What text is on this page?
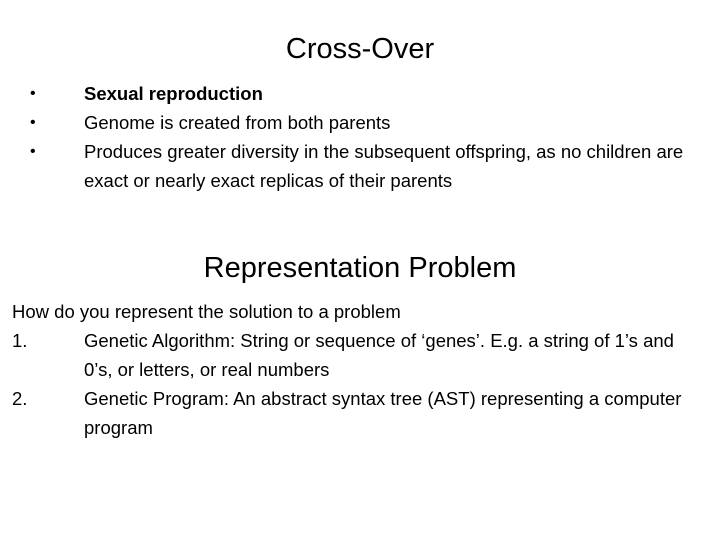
Cross-Over
•	Sexual reproduction
•	Genome is created from both parents
•	Produces greater diversity in the subsequent offspring, as no children are exact or nearly exact replicas of their parents
Representation Problem
How do you represent the solution to a problem
1.	Genetic Algorithm: String or sequence of ‘genes’. E.g. a string of 1’s and 0’s, or letters, or real numbers
2.	Genetic Program: An abstract syntax tree (AST) representing a computer program
